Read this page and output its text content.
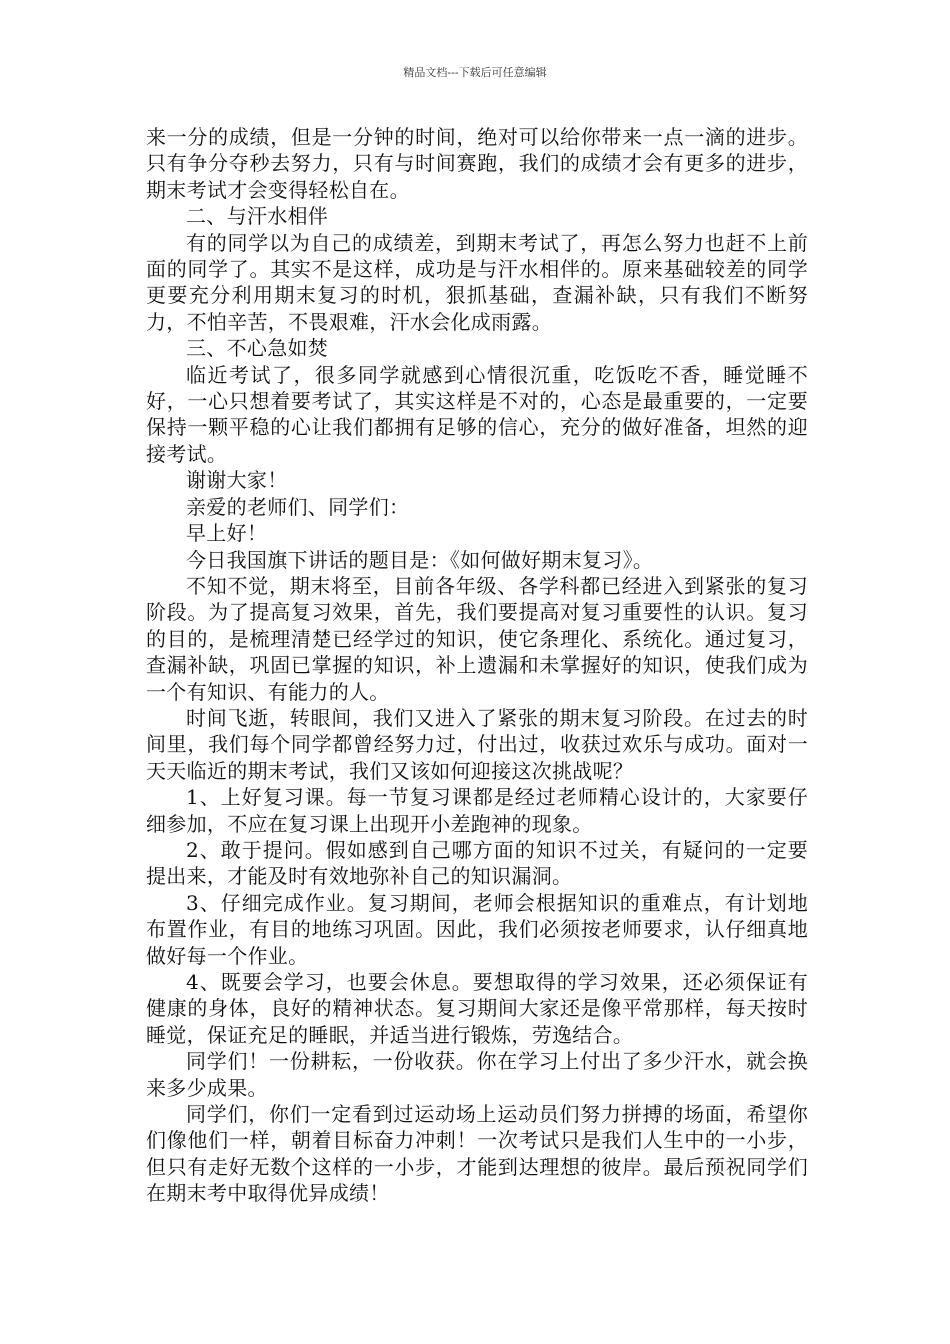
精品文档---下载后可任意编辑

来一分的成绩，但是一分钟的时间，绝对可以给你带来一点一滴的进步。只有争分夺秒去努力，只有与时间赛跑，我们的成绩才会有更多的进步，期末考试才会变得轻松自在。

二、与汗水相伴

有的同学以为自己的成绩差，到期末考试了，再怎么努力也赶不上前面的同学了。其实不是这样，成功是与汗水相伴的。原来基础较差的同学更要充分利用期末复习的时机，狠抓基础，查漏补缺，只有我们不断努力，不怕辛苦，不畏艰难，汗水会化成雨露。

三、不心急如焚

临近考试了，很多同学就感到心情很沉重，吃饭吃不香，睡觉睡不好，一心只想着要考试了，其实这样是不对的，心态是最重要的，一定要保持一颗平稳的心让我们都拥有足够的信心，充分的做好准备，坦然的迎接考试。

谢谢大家！

亲爱的老师们、同学们：

早上好！

今日我国旗下讲话的题目是：《如何做好期末复习》。

不知不觉，期末将至，目前各年级、各学科都已经进入到紧张的复习阶段。为了提高复习效果，首先，我们要提高对复习重要性的认识。复习的目的，是梳理清楚已经学过的知识，使它条理化、系统化。通过复习，查漏补缺，巩固已掌握的知识，补上遗漏和未掌握好的知识，使我们成为一个有知识、有能力的人。

时间飞逝，转眼间，我们又进入了紧张的期末复习阶段。在过去的时间里，我们每个同学都曾经努力过，付出过，收获过欢乐与成功。面对一天天临近的期末考试，我们又该如何迎接这次挑战呢？

1、上好复习课。每一节复习课都是经过老师精心设计的，大家要仔细参加，不应在复习课上出现开小差跑神的现象。

2、敢于提问。假如感到自己哪方面的知识不过关，有疑问的一定要提出来，才能及时有效地弥补自己的知识漏洞。

3、仔细完成作业。复习期间，老师会根据知识的重难点，有计划地布置作业，有目的地练习巩固。因此，我们必须按老师要求，认仔细真地做好每一个作业。

4、既要会学习，也要会休息。要想取得的学习效果，还必须保证有健康的身体，良好的精神状态。复习期间大家还是像平常那样，每天按时睡觉，保证充足的睡眠，并适当进行锻炼，劳逸结合。

同学们！一份耕耘，一份收获。你在学习上付出了多少汗水，就会换来多少成果。

同学们，你们一定看到过运动场上运动员们努力拼搏的场面，希望你们像他们一样，朝着目标奋力冲刺！一次考试只是我们人生中的一小步，但只有走好无数个这样的一小步，才能到达理想的彼岸。最后预祝同学们在期末考中取得优异成绩！
